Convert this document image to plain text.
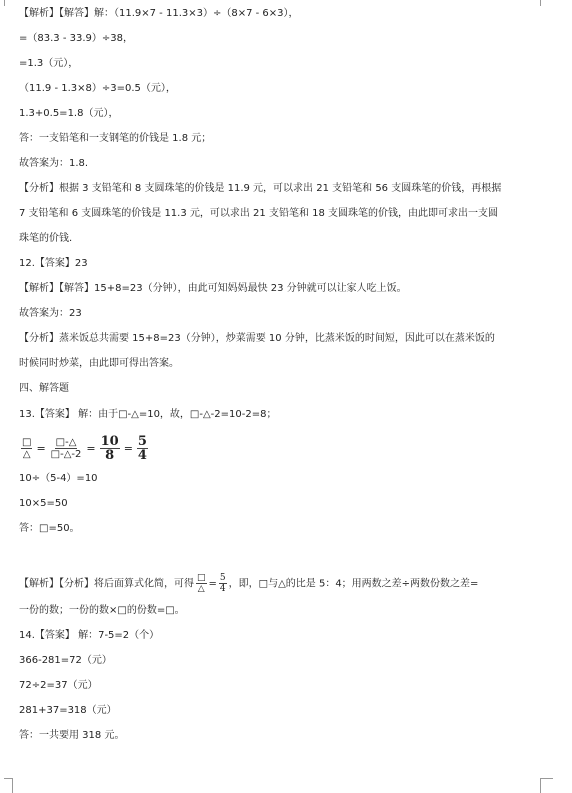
【解析】【解答】解：（11.9×7 - 11.3×3）÷（8×7 - 6×3），
=（83.3 - 33.9）÷38，
=1.3（元），
（11.9 - 1.3×8）÷3=0.5（元），
1.3+0.5=1.8（元），
答：一支铅笔和一支钢笔的价钱是 1.8 元；
故答案为：1.8.
【分析】根据 3 支铅笔和 8 支圆珠笔的价钱是 11.9 元，可以求出 21 支铅笔和 56 支圆珠笔的价钱，再根据
7 支铅笔和 6 支圆珠笔的价钱是 11.3 元，可以求出 21 支铅笔和 18 支圆珠笔的价钱，由此即可求出一支圆
珠笔的价钱.
12.【答案】23
【解析】【解答】15+8=23（分钟），由此可知妈妈最快 23 分钟就可以让家人吃上饭。
故答案为：23
【分析】蒸米饭总共需要 15+8=23（分钟），炒菜需要 10 分钟，比蒸米饭的时间短，因此可以在蒸米饭的
时候同时炒菜，由此即可得出答案。
四、解答题
13.【答案】 解：由于□-△=10，故，□-△-2=10-2=8；
□
△ = □-△
□-△-2 = $\frac{10}{8} = \frac{5}{4}$
10÷（5-4）=10
10×5=50
答：□=50。
【解析】【分析】将后面算式化简，可得 $\frac{□}{\triangle} = \frac{5}{4}$ ，即，□与△的比是 5：4；用两数之差÷两数份数之差=
一份的数；一份的数×□的份数=□。
14.【答案】 解：7-5=2（个）
366-281=72（元）
72÷2=37（元）
281+37=318（元）
答：一共要用 318 元。
